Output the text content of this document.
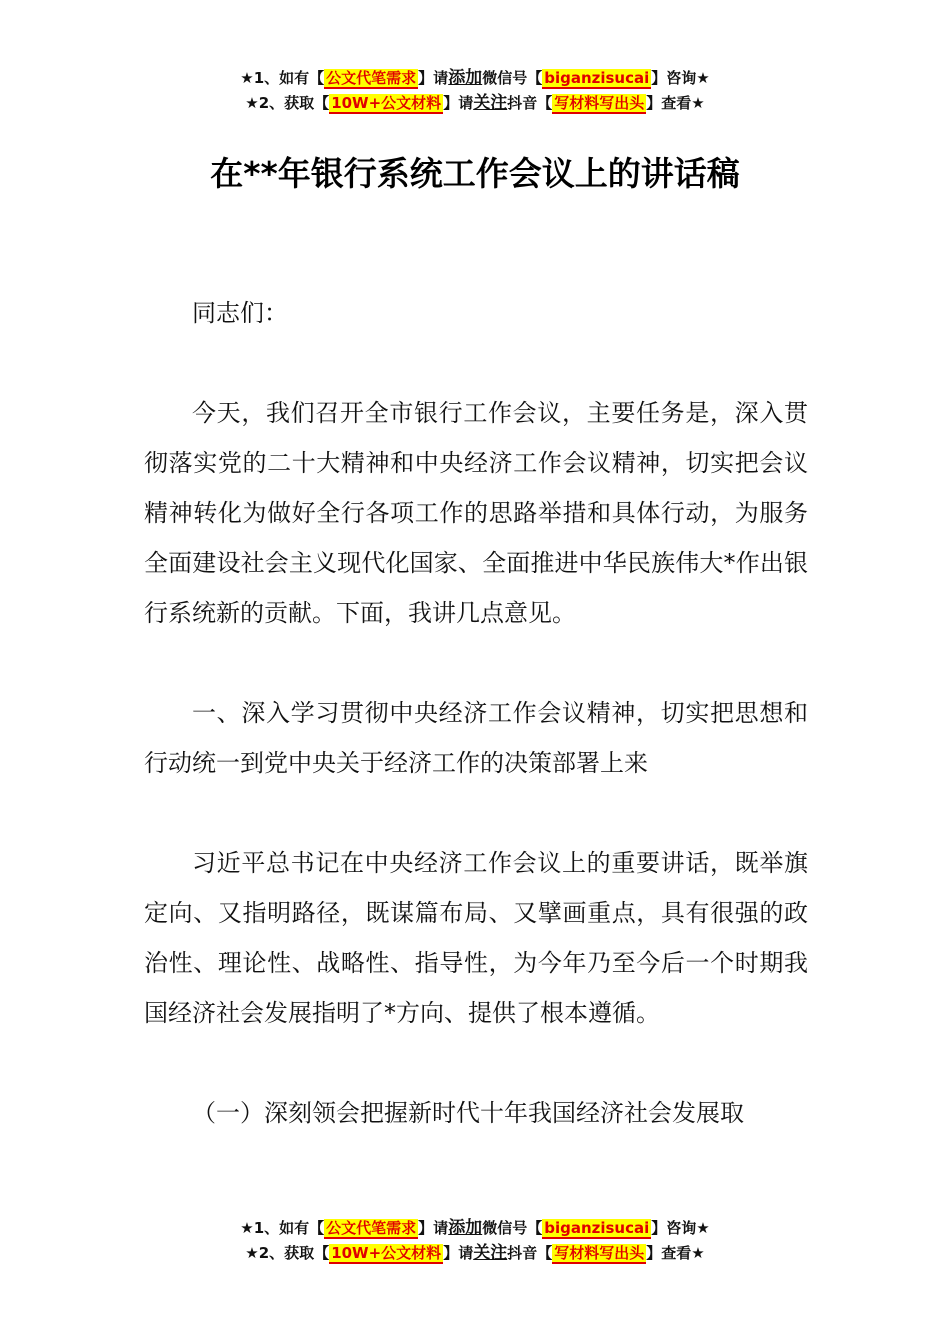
★1、如有【 公文代笔需求 】请添加微信号【 biganzisucai 】咨询★
★2、获取【 10W+公文材料 】请关注抖音【 写材料写出头 】查看★
在**年银行系统工作会议上的讲话稿

同志们：

今天，我们召开全市银行工作会议，主要任务是，深入贯彻落实党的二十大精神和中央经济工作会议精神，切实把会议精神转化为做好全行各项工作的思路举措和具体行动，为服务全面建设社会主义现代化国家、全面推进中华民族伟大*作出银行系统新的贡献。下面，我讲几点意见。

一、深入学习贯彻中央经济工作会议精神，切实把思想和行动统一到党中央关于经济工作的决策部署上来

习近平总书记在中央经济工作会议上的重要讲话，既举旗定向、又指明路径，既谋篇布局、又擘画重点，具有很强的政治性、理论性、战略性、指导性，为今年乃至今后一个时期我国经济社会发展指明了*方向、提供了根本遵循。

（一）深刻领会把握新时代十年我国经济社会发展取

★1、如有【 公文代笔需求 】请添加微信号【 biganzisucai 】咨询★
★2、获取【 10W+公文材料 】请关注抖音【 写材料写出头 】查看★
